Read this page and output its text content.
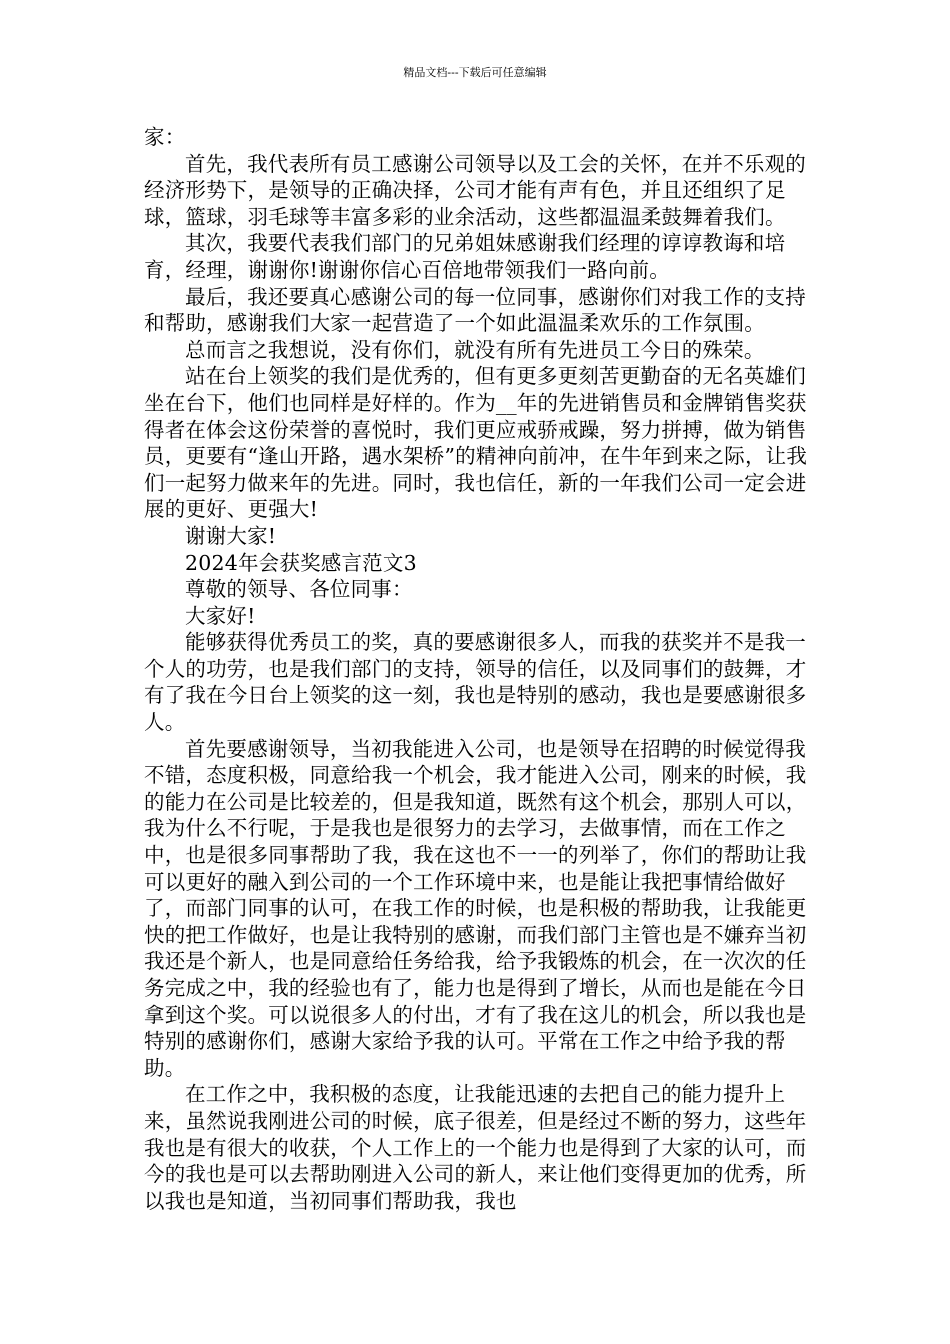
精品文档---下载后可任意编辑

家：

首先，我代表所有员工感谢公司领导以及工会的关怀，在并不乐观的经济形势下，是领导的正确决择，公司才能有声有色，并且还组织了足球，篮球，羽毛球等丰富多彩的业余活动，这些都温温柔鼓舞着我们。

其次，我要代表我们部门的兄弟姐妹感谢我们经理的谆谆教诲和培育，经理，谢谢你!谢谢你信心百倍地带领我们一路向前。

最后，我还要真心感谢公司的每一位同事，感谢你们对我工作的支持和帮助，感谢我们大家一起营造了一个如此温温柔欢乐的工作氛围。

总而言之我想说，没有你们，就没有所有先进员工今日的殊荣。

站在台上领奖的我们是优秀的，但有更多更刻苦更勤奋的无名英雄们坐在台下，他们也同样是好样的。作为__年的先进销售员和金牌销售奖获得者在体会这份荣誉的喜悦时，我们更应戒骄戒躁，努力拼搏，做为销售员，更要有“逢山开路，遇水架桥”的精神向前冲，在牛年到来之际，让我们一起努力做来年的先进。同时，我也信任，新的一年我们公司一定会进展的更好、更强大!

谢谢大家!

2024年会获奖感言范文3

尊敬的领导、各位同事：

大家好!

能够获得优秀员工的奖，真的要感谢很多人，而我的获奖并不是我一个人的功劳，也是我们部门的支持，领导的信任，以及同事们的鼓舞，才有了我在今日台上领奖的这一刻，我也是特别的感动，我也是要感谢很多人。

首先要感谢领导，当初我能进入公司，也是领导在招聘的时候觉得我不错，态度积极，同意给我一个机会，我才能进入公司，刚来的时候，我的能力在公司是比较差的，但是我知道，既然有这个机会，那别人可以，我为什么不行呢，于是我也是很努力的去学习，去做事情，而在工作之中，也是很多同事帮助了我，我在这也不一一的列举了，你们的帮助让我可以更好的融入到公司的一个工作环境中来，也是能让我把事情给做好了，而部门同事的认可，在我工作的时候，也是积极的帮助我，让我能更快的把工作做好，也是让我特别的感谢，而我们部门主管也是不嫌弃当初我还是个新人，也是同意给任务给我，给予我锻炼的机会，在一次次的任务完成之中，我的经验也有了，能力也是得到了增长，从而也是能在今日拿到这个奖。可以说很多人的付出，才有了我在这儿的机会，所以我也是特别的感谢你们，感谢大家给予我的认可。平常在工作之中给予我的帮助。

在工作之中，我积极的态度，让我能迅速的去把自己的能力提升上来，虽然说我刚进公司的时候，底子很差，但是经过不断的努力，这些年我也是有很大的收获，个人工作上的一个能力也是得到了大家的认可，而今的我也是可以去帮助刚进入公司的新人，来让他们变得更加的优秀，所以我也是知道，当初同事们帮助我，我也
